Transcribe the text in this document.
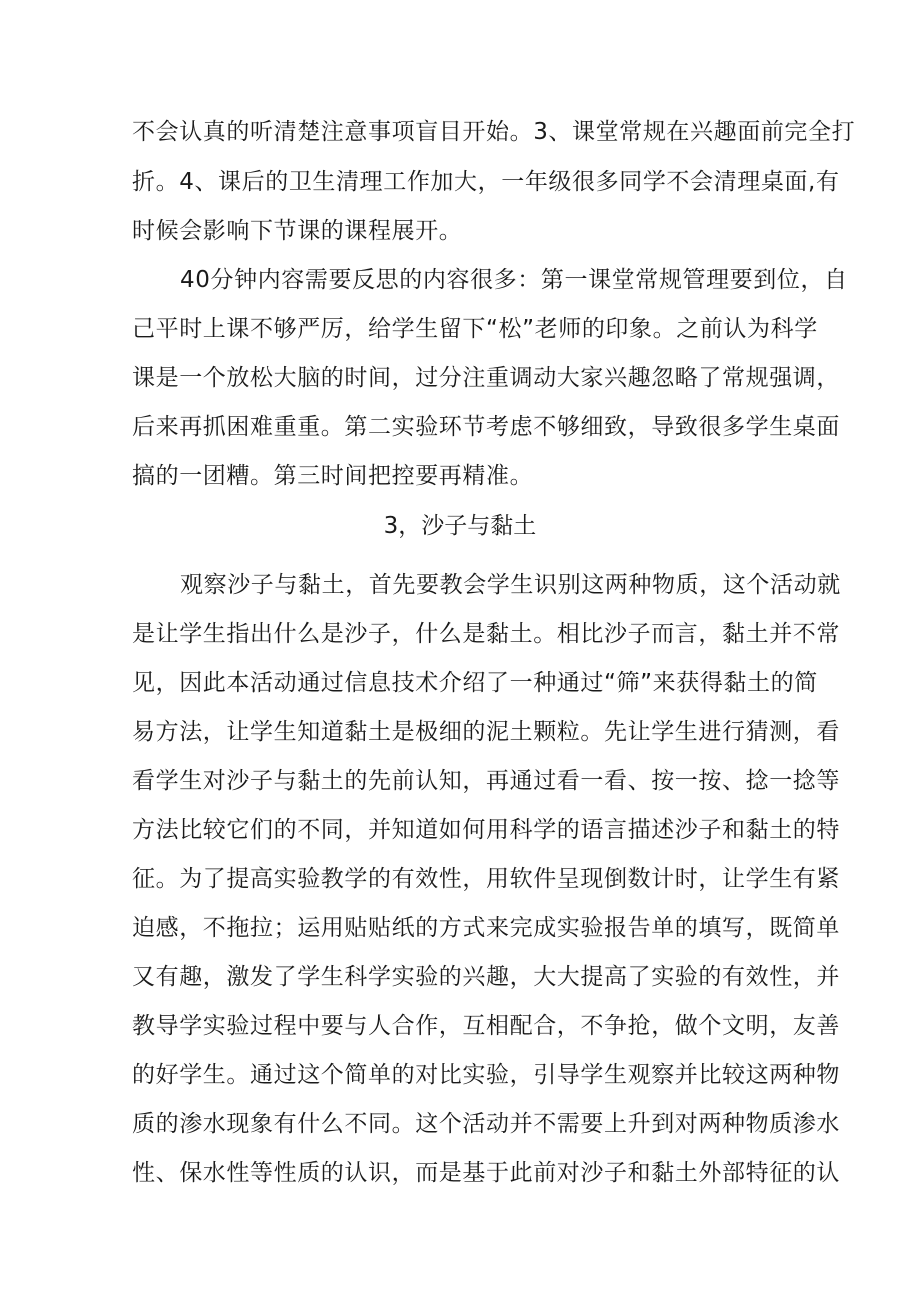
不会认真的听清楚注意事项盲目开始。3、课堂常规在兴趣面前完全打
折。4、课后的卫生清理工作加大，一年级很多同学不会清理桌面,有
时候会影响下节课的课程展开。
40分钟内容需要反思的内容很多：第一课堂常规管理要到位，自
己平时上课不够严厉，给学生留下“松”老师的印象。之前认为科学
课是一个放松大脑的时间，过分注重调动大家兴趣忽略了常规强调，
后来再抓困难重重。第二实验环节考虑不够细致，导致很多学生桌面
搞的一团糟。第三时间把控要再精准。
3，沙子与黏土
观察沙子与黏土，首先要教会学生识别这两种物质，这个活动就
是让学生指出什么是沙子，什么是黏土。相比沙子而言，黏土并不常
见，因此本活动通过信息技术介绍了一种通过“筛”来获得黏土的简
易方法，让学生知道黏土是极细的泥土颗粒。先让学生进行猜测，看
看学生对沙子与黏土的先前认知，再通过看一看、按一按、捻一捻等
方法比较它们的不同，并知道如何用科学的语言描述沙子和黏土的特
征。为了提高实验教学的有效性，用软件呈现倒数计时，让学生有紧
迫感，不拖拉；运用贴贴纸的方式来完成实验报告单的填写，既简单
又有趣，激发了学生科学实验的兴趣，大大提高了实验的有效性，并
教导学实验过程中要与人合作，互相配合，不争抢，做个文明，友善
的好学生。通过这个简单的对比实验，引导学生观察并比较这两种物
质的渗水现象有什么不同。这个活动并不需要上升到对两种物质渗水
性、保水性等性质的认识，而是基于此前对沙子和黏土外部特征的认
